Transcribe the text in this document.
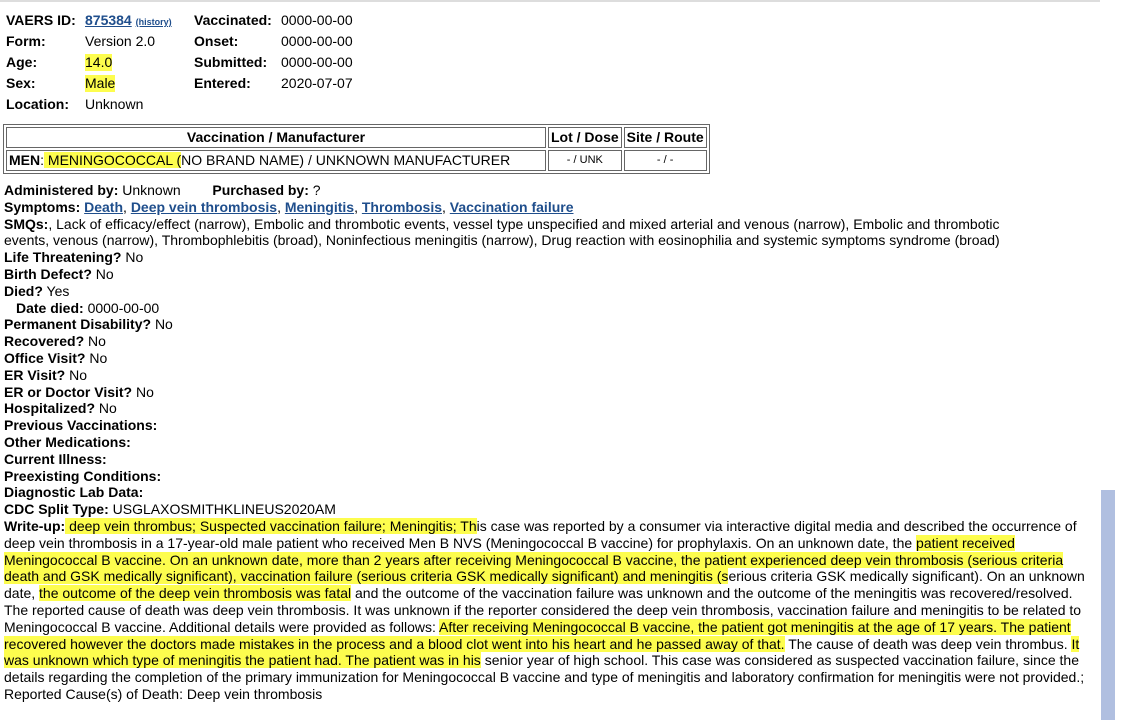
VAERS ID: 875384 (history) Vaccinated: 0000-00-00
Form:	Version 2.0	Onset:	0000-00-00
Age:	14.0	Submitted: 0000-00-00
Sex:	Male	Entered: 2020-07-07
Location: Unknown
Vaccination / Manufacturer	Lot / Dose	Site / Route
MEN: MENINGOCOCCAL (NO BRAND NAME) / UNKNOWN MANUFACTURER	- / UNK	- / -
Administered by: Unknown Purchased by: ?
Symptoms: Death, Deep vein thrombosis, Meningitis, Thrombosis, Vaccination failure
SMQs:, Lack of efficacy/effect (narrow), Embolic and thrombotic events, vessel type unspecified and mixed arterial and venous (narrow), Embolic and thrombotic
events, venous (narrow), Thrombophlebitis (broad), Noninfectious meningitis (narrow), Drug reaction with eosinophilia and systemic symptoms syndrome (broad)
Life Threatening? No
Birth Defect? No
Died? Yes
Date died: 0000-00-00
Permanent Disability? No
Recovered? No
Office Visit? No
ER Visit? No
ER or Doctor Visit? No
Hospitalized? No
Previous Vaccinations:
Other Medications:
Current Illness:
Preexisting Conditions:
Diagnostic Lab Data:
CDC Split Type: USGLAXOSMITHKLINEUS2020AM
Write-up: deep vein thrombus; Suspected vaccination failure; Meningitis; This case was reported by a consumer via interactive digital media and described the occurrence of deep vein thrombosis in a 17-year-old male patient who received Men B NVS (Meningococcal B vaccine) for prophylaxis. On an unknown date, the patient received Meningococcal B vaccine. On an unknown date, more than 2 years after receiving Meningococcal B vaccine, the patient experienced deep vein thrombosis (serious criteria death and GSK medically significant), vaccination failure (serious criteria GSK medically significant) and meningitis (serious criteria GSK medically significant). On an unknown date, the outcome of the deep vein thrombosis was fatal and the outcome of the vaccination failure was unknown and the outcome of the meningitis was recovered/resolved. The reported cause of death was deep vein thrombosis. It was unknown if the reporter considered the deep vein thrombosis, vaccination failure and meningitis to be related to Meningococcal B vaccine. Additional details were provided as follows: After receiving Meningococcal B vaccine, the patient got meningitis at the age of 17 years. The patient recovered however the doctors made mistakes in the process and a blood clot went into his heart and he passed away of that. The cause of death was deep vein thrombus. It was unknown which type of meningitis the patient had. The patient was in his senior year of high school. This case was considered as suspected vaccination failure, since the details regarding the completion of the primary immunization for Meningococcal B vaccine and type of meningitis and laboratory confirmation for meningitis were not provided.; Reported Cause(s) of Death: Deep vein thrombosis
